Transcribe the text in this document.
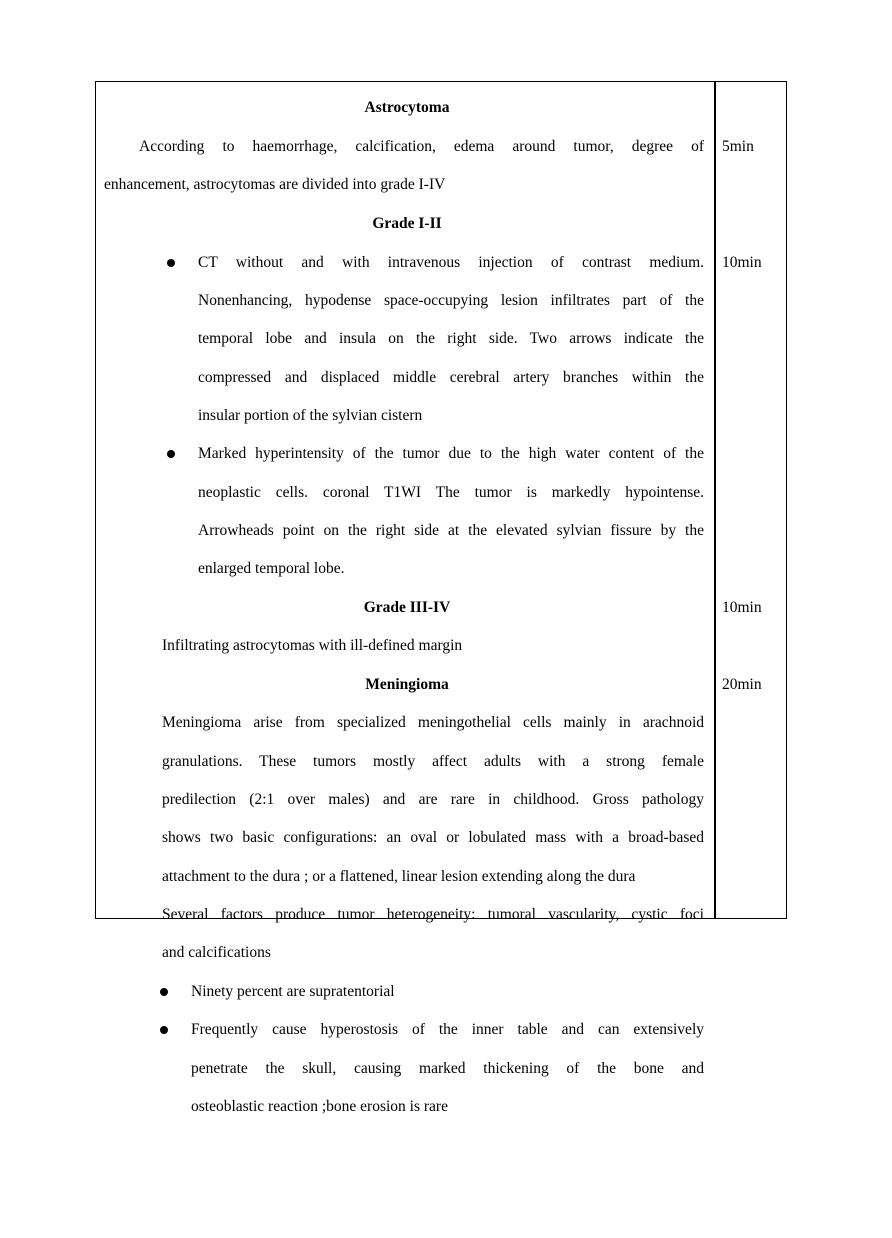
Astrocytoma
According to haemorrhage, calcification, edema around tumor, degree of
enhancement, astrocytomas are divided into grade I-IV
5min
Grade I-II
10min
CT without and with intravenous injection of contrast medium.
Nonenhancing, hypodense space-occupying lesion infiltrates part of the
temporal lobe and insula on the right side. Two arrows indicate the
compressed and displaced middle cerebral artery branches within the
insular portion of the sylvian cistern
Marked hyperintensity of the tumor due to the high water content of the
neoplastic cells. coronal T1WI The tumor is markedly hypointense.
Arrowheads point on the right side at the elevated sylvian fissure by the
enlarged temporal lobe.
Grade III-IV	10min
Infiltrating astrocytomas with ill-defined margin
Meningioma	20min
Meningioma arise from specialized meningothelial cells mainly in arachnoid
granulations. These tumors mostly affect adults with a strong female
predilection (2:1 over males) and are rare in childhood. Gross pathology
shows two basic configurations: an oval or lobulated mass with a broad-based
attachment to the dura ; or a flattened, linear lesion extending along the dura
Several factors produce tumor heterogeneity: tumoral vascularity, cystic foci
and calcifications
Ninety percent are supratentorial
Frequently cause hyperostosis of the inner table and can extensively
penetrate the skull, causing marked thickening of the bone and
osteoblastic reaction ;bone erosion is rare
